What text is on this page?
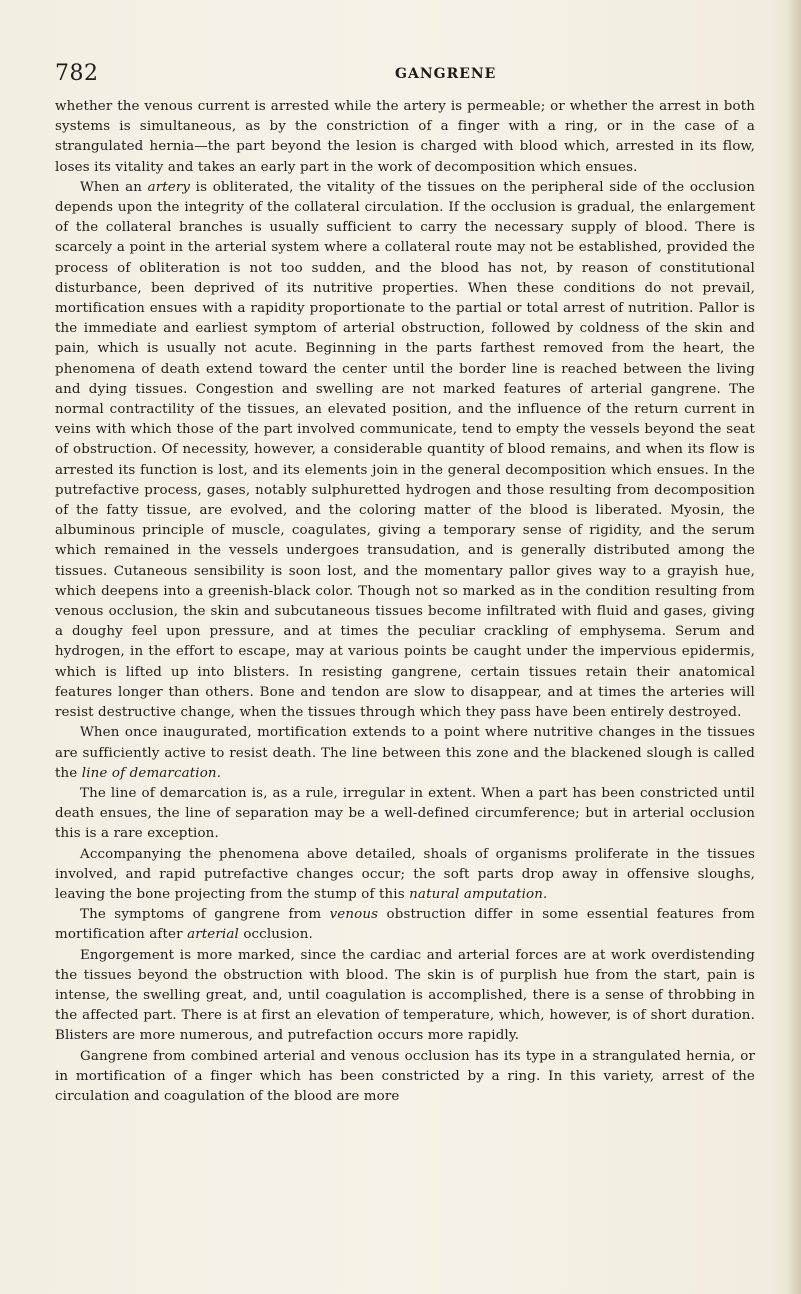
782	GANGRENE

whether the venous current is arrested while the artery is permeable; or whether the arrest in both systems is simultaneous, as by the constriction of a finger with a ring, or in the case of a strangulated hernia—the part beyond the lesion is charged with blood which, arrested in its flow, loses its vitality and takes an early part in the work of decomposition which ensues.

When an artery is obliterated, the vitality of the tissues on the peripheral side of the occlusion depends upon the integrity of the collateral circulation. If the occlusion is gradual, the enlargement of the collateral branches is usually sufficient to carry the necessary supply of blood. There is scarcely a point in the arterial system where a collateral route may not be established, provided the process of obliteration is not too sudden, and the blood has not, by reason of constitutional disturbance, been deprived of its nutritive properties. When these conditions do not prevail, mortification ensues with a rapidity proportionate to the partial or total arrest of nutrition. Pallor is the immediate and earliest symptom of arterial obstruction, followed by coldness of the skin and pain, which is usually not acute. Beginning in the parts farthest removed from the heart, the phenomena of death extend toward the center until the border line is reached between the living and dying tissues. Congestion and swelling are not marked features of arterial gangrene. The normal contractility of the tissues, an elevated position, and the influence of the return current in veins with which those of the part involved communicate, tend to empty the vessels beyond the seat of obstruction. Of necessity, however, a considerable quantity of blood remains, and when its flow is arrested its function is lost, and its elements join in the general decomposition which ensues. In the putrefactive process, gases, notably sulphuretted hydrogen and those resulting from decomposition of the fatty tissue, are evolved, and the coloring matter of the blood is liberated. Myosin, the albuminous principle of muscle, coagulates, giving a temporary sense of rigidity, and the serum which remained in the vessels undergoes transudation, and is generally distributed among the tissues. Cutaneous sensibility is soon lost, and the momentary pallor gives way to a grayish hue, which deepens into a greenish-black color. Though not so marked as in the condition resulting from venous occlusion, the skin and subcutaneous tissues become infiltrated with fluid and gases, giving a doughy feel upon pressure, and at times the peculiar crackling of emphysema. Serum and hydrogen, in the effort to escape, may at various points be caught under the impervious epidermis, which is lifted up into blisters. In resisting gangrene, certain tissues retain their anatomical features longer than others. Bone and tendon are slow to disappear, and at times the arteries will resist destructive change, when the tissues through which they pass have been entirely destroyed.

When once inaugurated, mortification extends to a point where nutritive changes in the tissues are sufficiently active to resist death. The line between this zone and the blackened slough is called the line of demarcation.

The line of demarcation is, as a rule, irregular in extent. When a part has been constricted until death ensues, the line of separation may be a well-defined circumference; but in arterial occlusion this is a rare exception.

Accompanying the phenomena above detailed, shoals of organisms proliferate in the tissues involved, and rapid putrefactive changes occur; the soft parts drop away in offensive sloughs, leaving the bone projecting from the stump of this natural amputation.

The symptoms of gangrene from venous obstruction differ in some essential features from mortification after arterial occlusion.

Engorgement is more marked, since the cardiac and arterial forces are at work overdistending the tissues beyond the obstruction with blood. The skin is of purplish hue from the start, pain is intense, the swelling great, and, until coagulation is accomplished, there is a sense of throbbing in the affected part. There is at first an elevation of temperature, which, however, is of short duration. Blisters are more numerous, and putrefaction occurs more rapidly.

Gangrene from combined arterial and venous occlusion has its type in a strangulated hernia, or in mortification of a finger which has been constricted by a ring. In this variety, arrest of the circulation and coagulation of the blood are more
